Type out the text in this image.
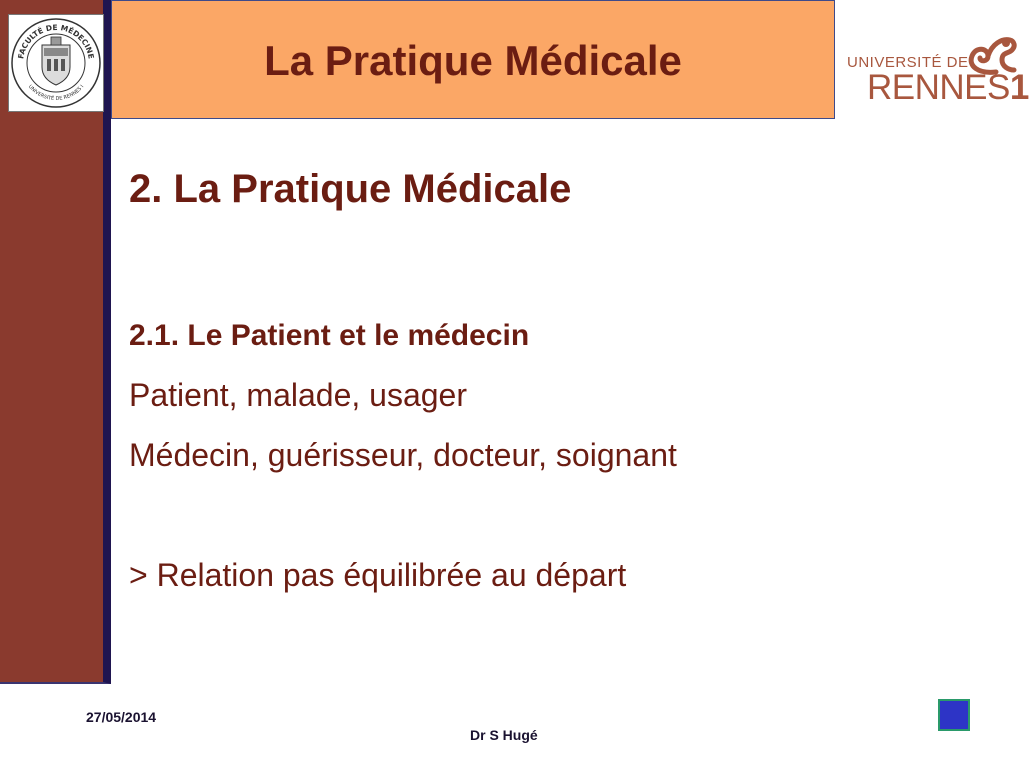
FACULTÉ DE MÉDECINE
UNIVERSITÉ DE RENNES I
La Pratique Médicale	UNIVERSITÉ DE
RENNES1
2. La Pratique Médicale
2.1. Le Patient et le médecin
Patient, malade, usager
Médecin, guérisseur, docteur, soignant
> Relation pas équilibrée au départ
27/05/2014
Dr S Hugé
